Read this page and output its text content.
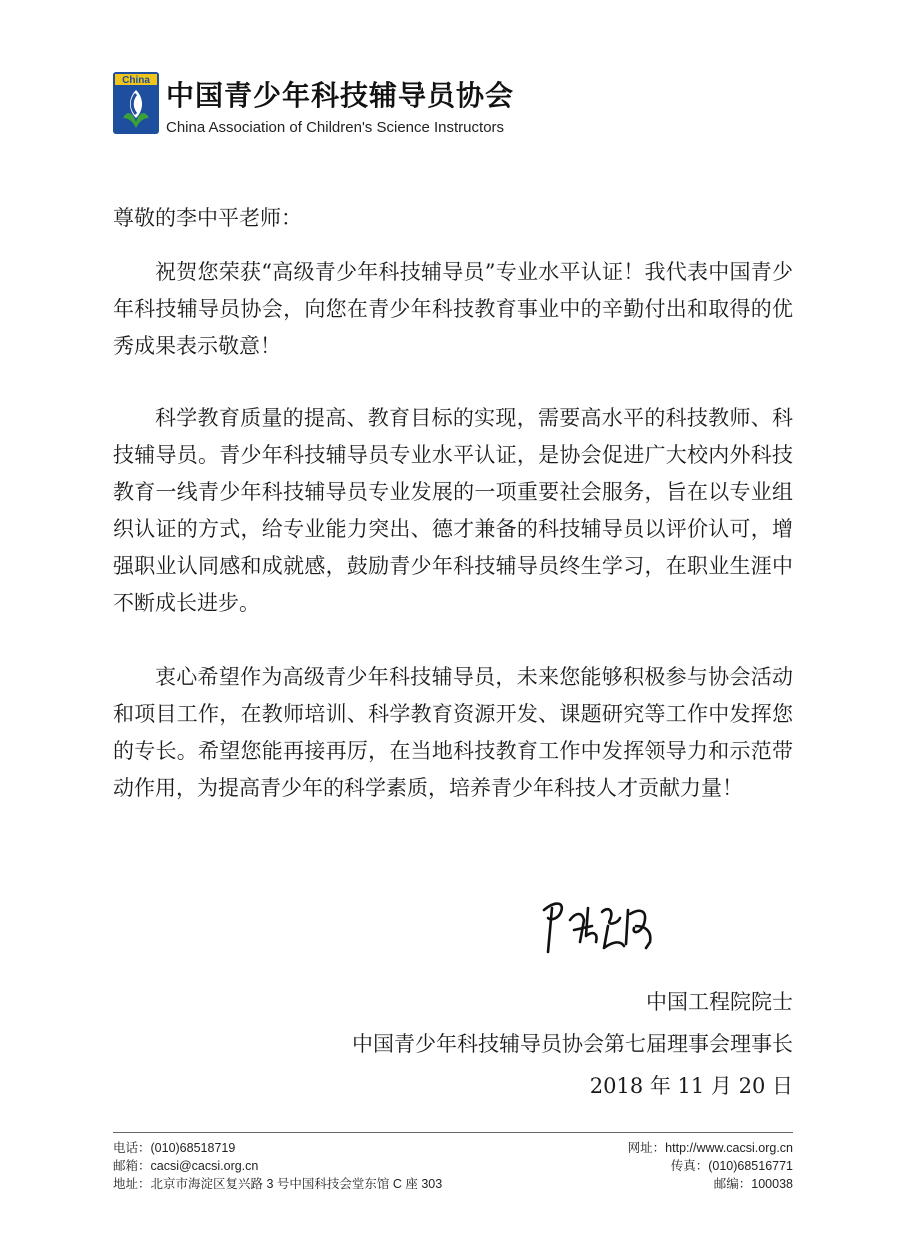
China 中国青少年科技辅导员协会
China Association of Children's Science Instructors
尊敬的李中平老师：

祝贺您荣获“高级青少年科技辅导员”专业水平认证！我代表中国青少年科技辅导员协会，向您在青少年科技教育事业中的辛勤付出和取得的优秀成果表示敬意！

科学教育质量的提高、教育目标的实现，需要高水平的科技教师、科技辅导员。青少年科技辅导员专业水平认证，是协会促进广大校内外科技教育一线青少年科技辅导员专业发展的一项重要社会服务，旨在以专业组织认证的方式，给专业能力突出、德才兼备的科技辅导员以评价认可，增强职业认同感和成就感，鼓励青少年科技辅导员终生学习，在职业生涯中不断成长进步。

衷心希望作为高级青少年科技辅导员，未来您能够积极参与协会活动和项目工作，在教师培训、科学教育资源开发、课题研究等工作中发挥您的专长。希望您能再接再厉，在当地科技教育工作中发挥领导力和示范带动作用，为提高青少年的科学素质，培养青少年科技人才贡献力量！

中国工程院院士
中国青少年科技辅导员协会第七届理事会理事长
2018 年 11 月 20 日
电话：(010)68518719
邮箱：cacsi@cacsi.org.cn
地址：北京市海淀区复兴路 3 号中国科技会堂东馆 C 座 303
网址：http://www.cacsi.org.cn
传真：(010)68516771
邮编：100038
